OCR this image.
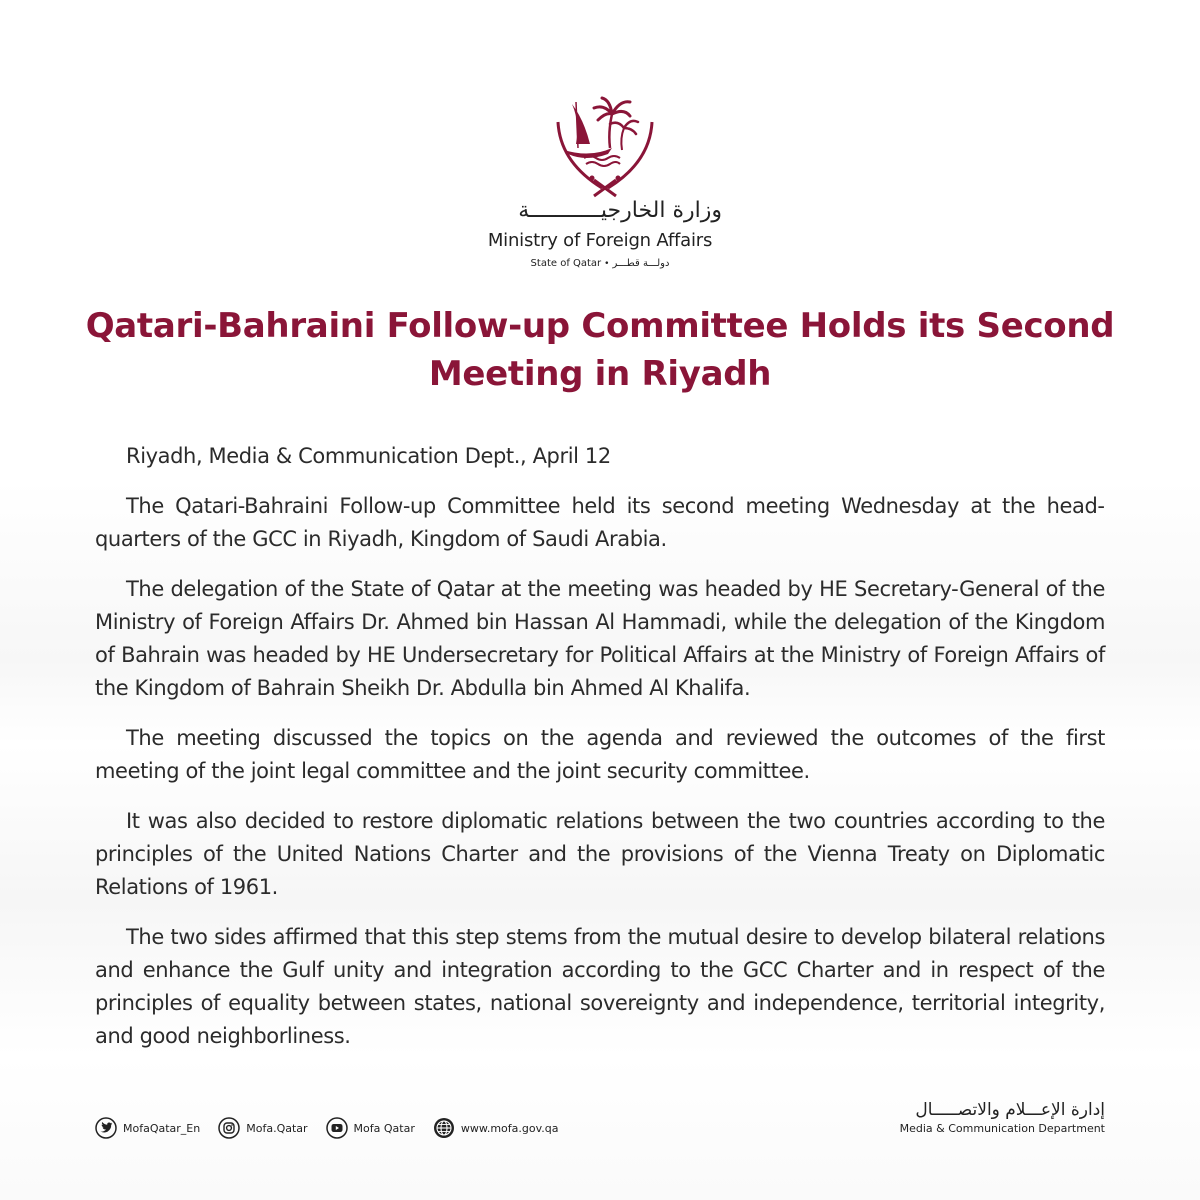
وزارة الخارجيـــــــــــة
Ministry of Foreign Affairs
State of Qatar • دولـــة قطـــر
Qatari-Bahraini Follow-up Committee Holds its Second
Meeting in Riyadh

Riyadh, Media & Communication Dept., April 12

The Qatari-Bahraini Follow-up Committee held its second meeting Wednesday at the headquarters of the GCC in Riyadh, Kingdom of Saudi Arabia.

The delegation of the State of Qatar at the meeting was headed by HE Secretary-General of the Ministry of Foreign Affairs Dr. Ahmed bin Hassan Al Hammadi, while the delegation of the Kingdom of Bahrain was headed by HE Undersecretary for Political Affairs at the Ministry of Foreign Affairs of the Kingdom of Bahrain Sheikh Dr. Abdulla bin Ahmed Al Khalifa.

The meeting discussed the topics on the agenda and reviewed the outcomes of the first meeting of the joint legal committee and the joint security committee.

It was also decided to restore diplomatic relations between the two countries according to the principles of the United Nations Charter and the provisions of the Vienna Treaty on Diplomatic Relations of 1961.

The two sides affirmed that this step stems from the mutual desire to develop bilateral relations and enhance the Gulf unity and integration according to the GCC Charter and in respect of the principles of equality between states, national sovereignty and independence, territorial integrity, and good neighborliness.

MofaQatar_En	Mofa.Qatar	Mofa Qatar	www.mofa.gov.qa
إدارة الإعـــلام والاتصـــــال
Media & Communication Department
